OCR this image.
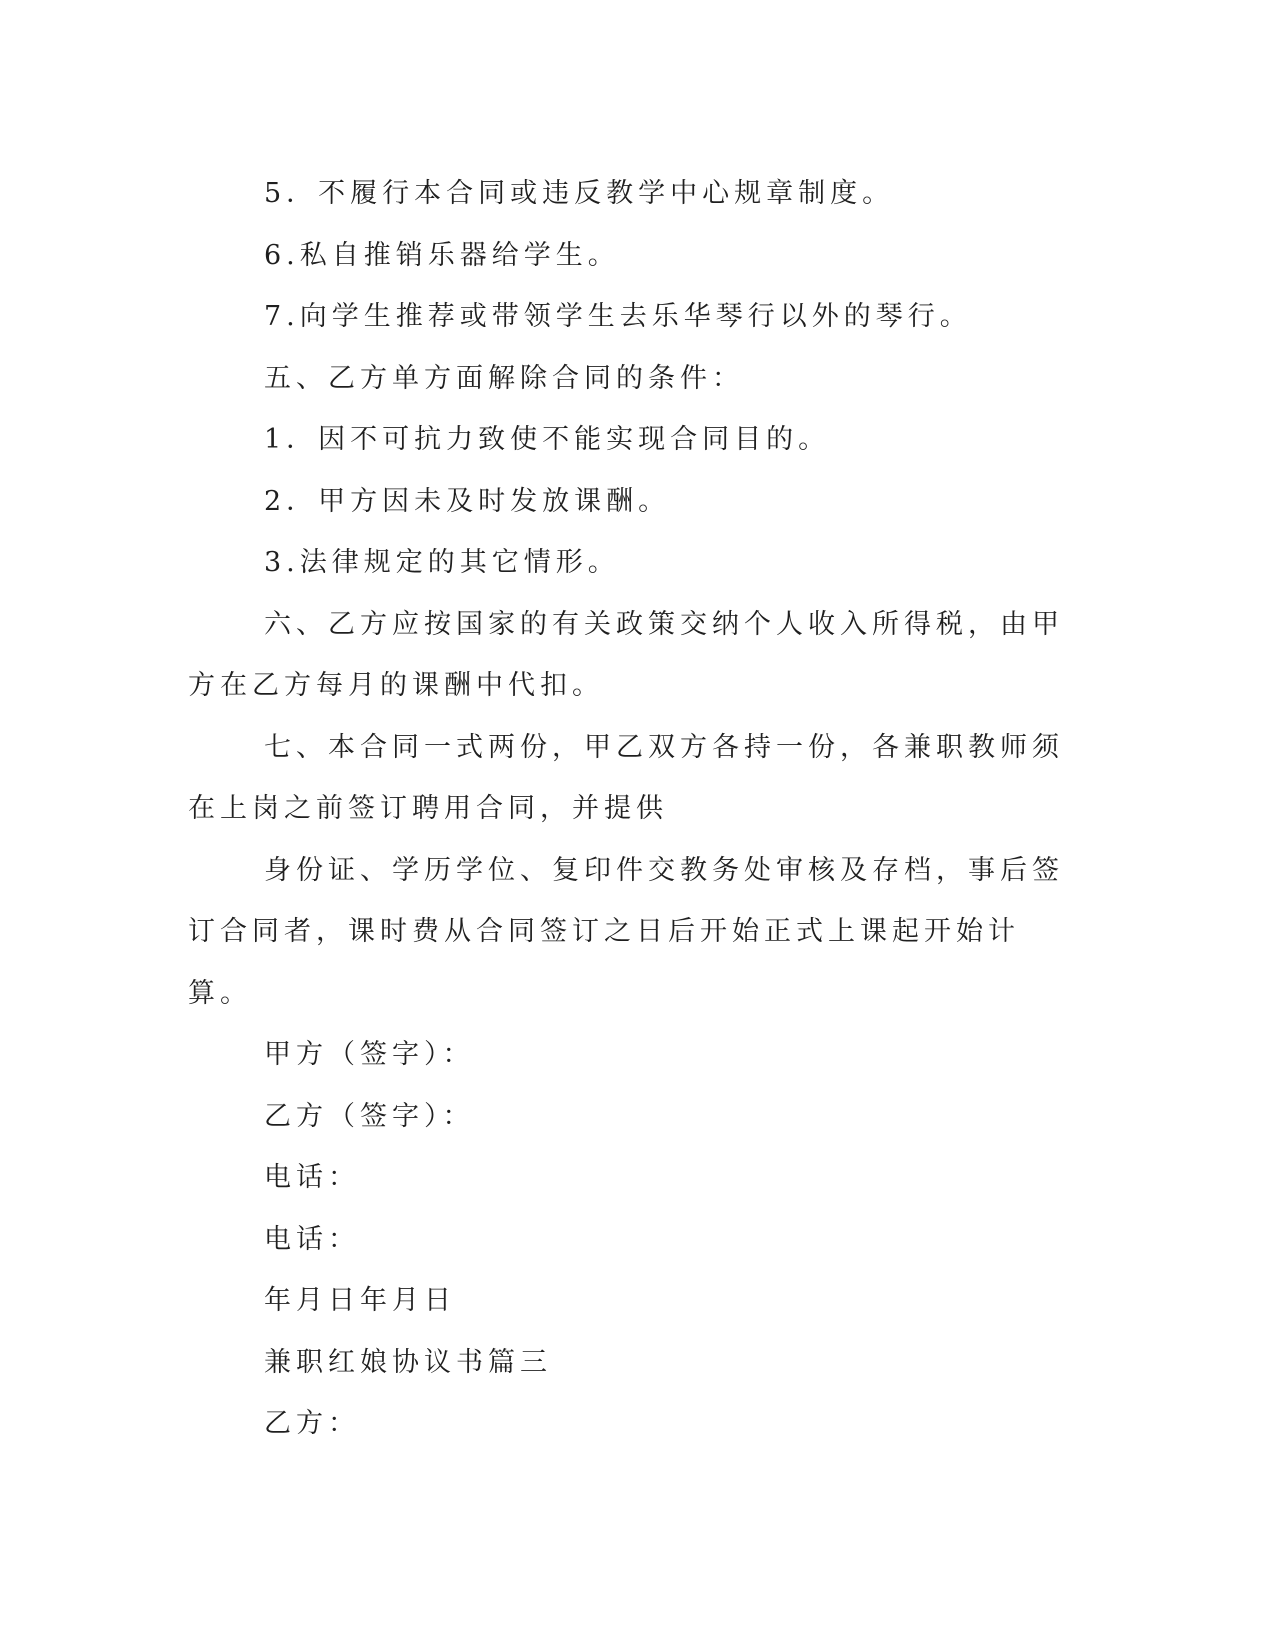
5．不履行本合同或违反教学中心规章制度。

6.私自推销乐器给学生。

7.向学生推荐或带领学生去乐华琴行以外的琴行。

五、乙方单方面解除合同的条件：

1．因不可抗力致使不能实现合同目的。

2．甲方因未及时发放课酬。

3.法律规定的其它情形。

六、乙方应按国家的有关政策交纳个人收入所得税，由甲方在乙方每月的课酬中代扣。

七、本合同一式两份，甲乙双方各持一份，各兼职教师须在上岗之前签订聘用合同，并提供

身份证、学历学位、复印件交教务处审核及存档，事后签订合同者，课时费从合同签订之日后开始正式上课起开始计算。

甲方（签字）：

乙方（签字）：

电话：

电话：

年月日年月日

兼职红娘协议书篇三

乙方：
